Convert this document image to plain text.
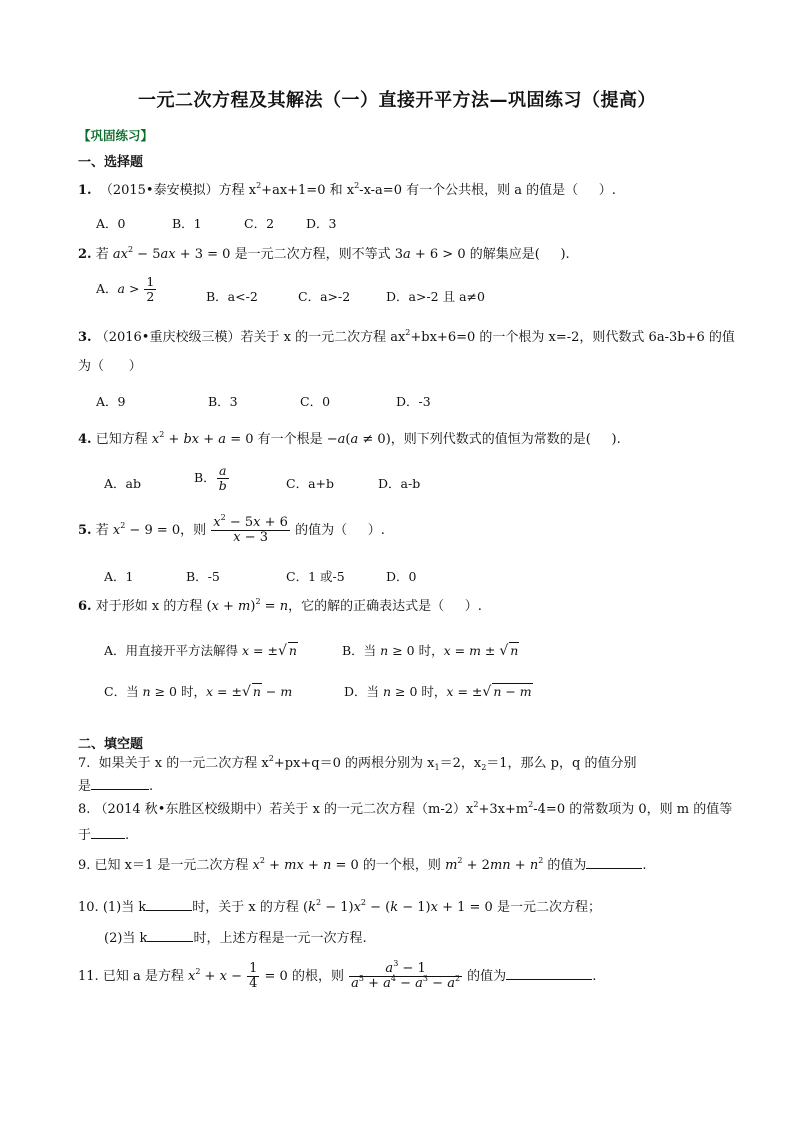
一元二次方程及其解法（一）直接开平方法—巩固练习（提高）
【巩固练习】
一、选择题
1.  （2015•泰安模拟）方程 $x^2+ax+1=0$ 和 $x^2-x-a=0$ 有一个公共根，则 a 的值是（     ）.
A．0	B．1	C．2	D．3
2. 若 $ax^2 - 5ax + 3 = 0$ 是一元二次方程，则不等式 3a + 6 > 0 的解集应是(     ).
A．$a > \frac{1}{2}$	B．a<-2	C．a>-2	D．a>-2 且 a≠0
3. （2016•重庆校级三模）若关于 x 的一元二次方程 $ax^2+bx+6=0$ 的一个根为 x=-2，则代数式 6a-3b+6 的值
为（      ）
A．9	B．3	C．0	D．-3
4. 已知方程 $x^2$ + bx + a = 0 有一个根是 −a(a ≠ 0)，则下列代数式的值恒为常数的是(     ).
A．ab	B． $\frac{a}{b}$	C．a+b	D．a-b
5. 若 $x^2 - 9 = 0$，则 $\frac{x^2 - 5x + 6}{x - 3}$ 的值为（     ）.
A．1	B．-5	C．1 或-5	D．0
6. 对于形如 x 的方程 $(x + m)^2 = n$，它的解的正确表达式是（     ）.
A．用直接开平方法解得 x = ±√ n	B．当 n ≥ 0 时，x = m ± √ n
C．当 n ≥ 0 时，x = ±√ n − m	D．当 n ≥ 0 时，x = ±√ n − m
二、填空题
7.  如果关于 x 的一元二次方程 $x^2+px+q=0$ 的两根分别为 $x_1=2$，$x_2=1$，那么 p，q 的值分别
是	.
8. （2014 秋•东胜区校级期中）若关于 x 的一元二次方程$(m-2)x^2+3x+m^2-4=0$ 的常数项为 0，则 m 的值等
于	.
9. 已知 x＝1 是一元二次方程 $x^2$ + mx + n = 0 的一个根，则 $m^2 + 2mn + n^2$ 的值为	.
10. (1)当 k	时，关于 x 的方程 $(k^2 - 1)x^2 - (k - 1)x + 1 = 0$ 是一元二次方程；
(2)当 k	时，上述方程是一元一次方程.
11. 已知 a 是方程 $x^2 + x - \frac{1}{4} = 0$ 的根，则 $\frac{a^3 - 1}{a^5 + a^4 - a^3 - a^2}$ 的值为	.
